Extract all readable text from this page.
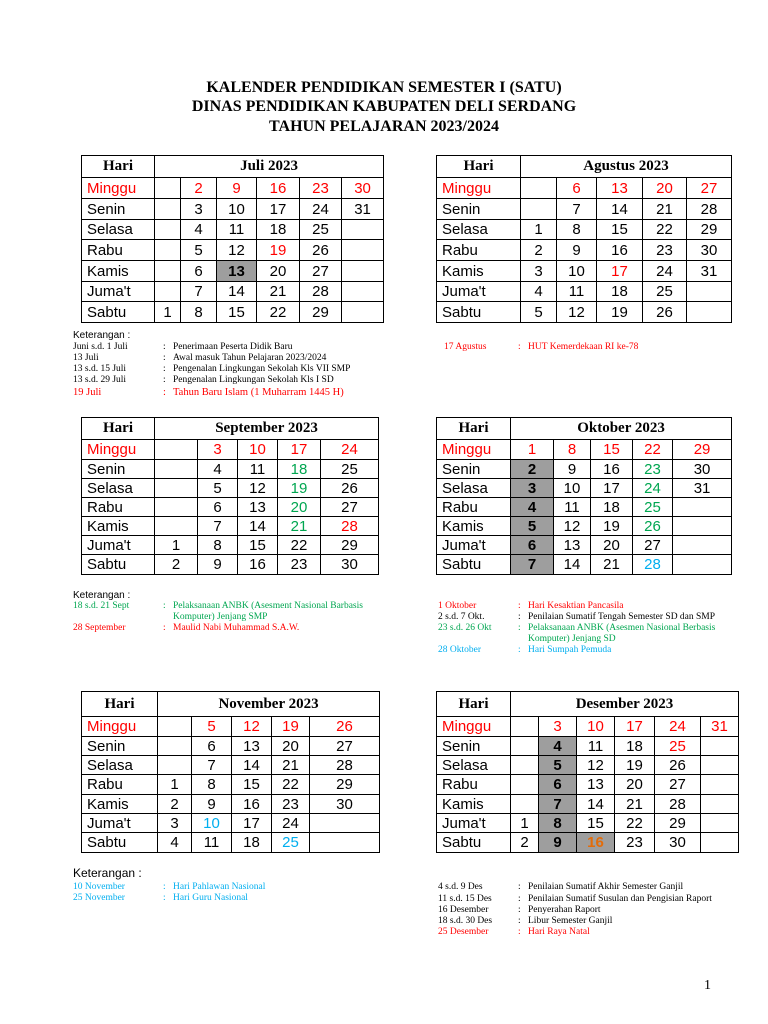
KALENDER PENDIDIKAN SEMESTER I (SATU)
DINAS PENDIDIKAN KABUPATEN DELI SERDANG
TAHUN PELAJARAN 2023/2024
Hari	Juli 2023					
Minggu		2	9	16	23	30
Senin		3	10	17	24	31
Selasa		4	11	18	25	
Rabu		5	12	19	26	
Kamis		6	13	20	27	
Juma't		7	14	21	28	
Sabtu	1	8	15	22	29	
Hari	Agustus 2023				
Minggu		6	13	20	27
Senin		7	14	21	28
Selasa	1	8	15	22	29
Rabu	2	9	16	23	30
Kamis	3	10	17	24	31
Juma't	4	11	18	25	
Sabtu	5	12	19	26	
Keterangan :
Juni s.d. 1 Juli	: Penerimaan Peserta Didik Baru
13 Juli	: Awal masuk Tahun Pelajaran 2023/2024
13 s.d. 15 Juli	: Pengenalan Lingkungan Sekolah Kls VII SMP
13 s.d. 29 Juli	: Pengenalan Lingkungan Sekolah Kls I SD
19 Juli	: Tahun Baru Islam (1 Muharram 1445 H)
17 Agustus	: HUT Kemerdekaan RI ke-78
Hari	September 2023				
Minggu		3	10	17	24
Senin		4	11	18	25
Selasa		5	12	19	26
Rabu		6	13	20	27
Kamis		7	14	21	28
Juma't	1	8	15	22	29
Sabtu	2	9	16	23	30
Hari	Oktober 2023				
Minggu	1	8	15	22	29
Senin	2	9	16	23	30
Selasa	3	10	17	24	31
Rabu	4	11	18	25	
Kamis	5	12	19	26	
Juma't	6	13	20	27	
Sabtu	7	14	21	28	
Keterangan :
18 s.d. 21 Sept	: Pelaksanaan ANBK (Asesment Nasional Barbasis Komputer) Jenjang SMP
28 September	: Maulid Nabi Muhammad S.A.W.
1 Oktober	: Hari Kesaktian Pancasila
2 s.d. 7 Okt.	: Penilaian Sumatif Tengah Semester SD dan SMP
23 s.d. 26 Okt	: Pelaksanaan ANBK (Asesmen Nasional Berbasis Komputer) Jenjang SD
28 Oktober	: Hari Sumpah Pemuda
Hari	November 2023				
Minggu		5	12	19	26
Senin		6	13	20	27
Selasa		7	14	21	28
Rabu	1	8	15	22	29
Kamis	2	9	16	23	30
Juma't	3	10	17	24	
Sabtu	4	11	18	25	
Hari	Desember 2023					
Minggu		3	10	17	24	31
Senin		4	11	18	25	
Selasa		5	12	19	26	
Rabu		6	13	20	27	
Kamis		7	14	21	28	
Juma't	1	8	15	22	29	
Sabtu	2	9	16	23	30	
Keterangan :
10 November	: Hari Pahlawan Nasional
25 November	: Hari Guru Nasional
4 s.d. 9 Des	: Penilaian Sumatif Akhir Semester Ganjil
11 s.d. 15 Des	: Penilaian Sumatif Susulan dan Pengisian Raport
16 Desember	: Penyerahan Raport
18 s.d. 30 Des	: Libur Semester Ganjil
25 Desember	: Hari Raya Natal
1
